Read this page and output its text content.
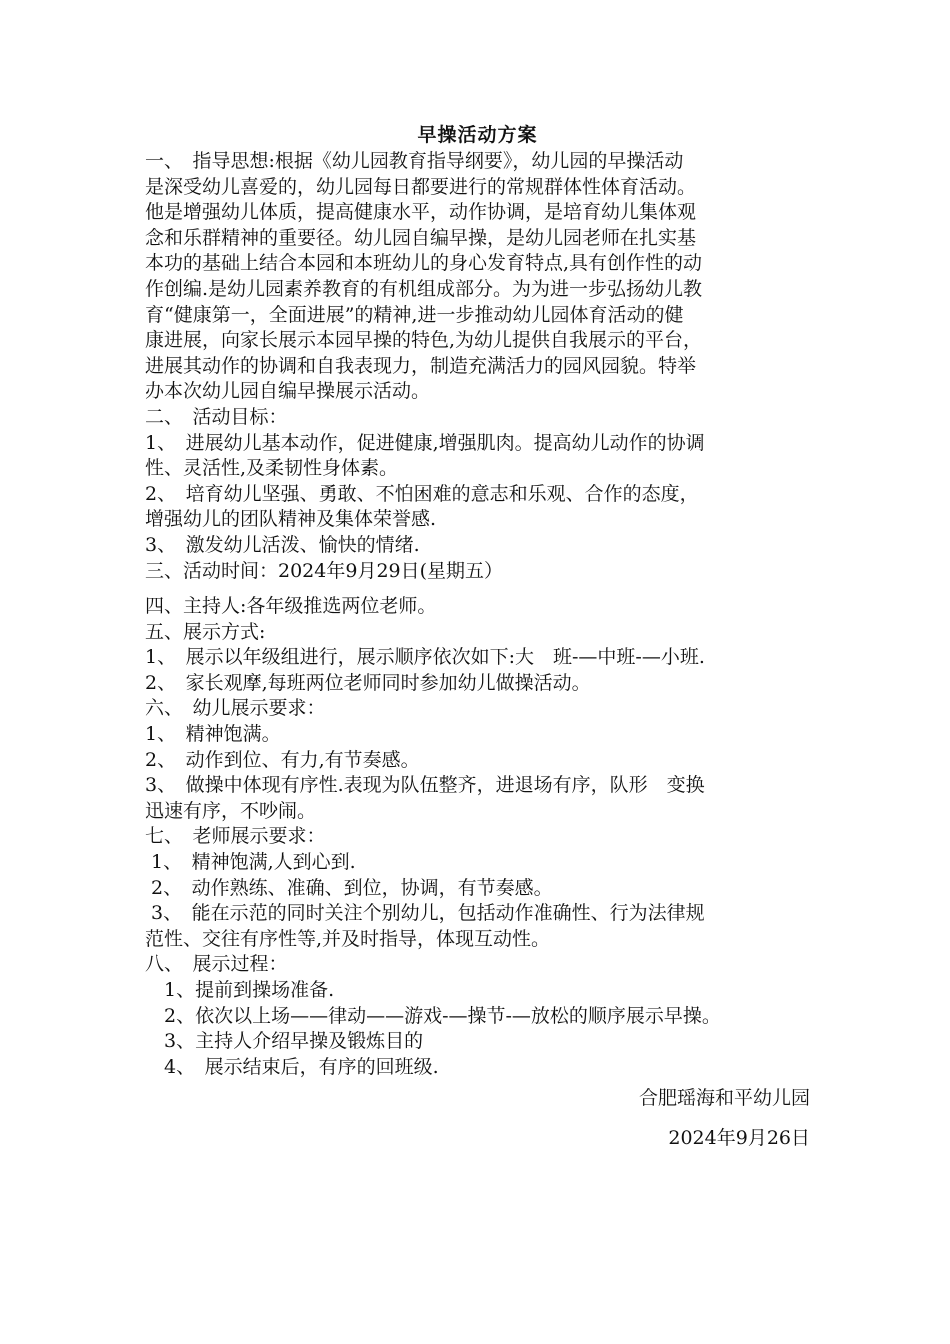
早操活动方案

一、　指导思想:根据《幼儿园教育指导纲要》，幼儿园的早操活动

是深受幼儿喜爱的，幼儿园每日都要进行的常规群体性体育活动。

他是增强幼儿体质，提高健康水平，动作协调，是培育幼儿集体观

念和乐群精神的重要径。幼儿园自编早操，是幼儿园老师在扎实基

本功的基础上结合本园和本班幼儿的身心发育特点,具有创作性的动

作创编.是幼儿园素养教育的有机组成部分。为为进一步弘扬幼儿教

育“健康第一，全面进展”的精神,进一步推动幼儿园体育活动的健

康进展，向家长展示本园早操的特色,为幼儿提供自我展示的平台，

进展其动作的协调和自我表现力，制造充满活力的园风园貌。特举

办本次幼儿园自编早操展示活动。

二、　活动目标：

1、　进展幼儿基本动作，促进健康,增强肌肉。提高幼儿动作的协调

性、灵活性,及柔韧性身体素。

2、　培育幼儿坚强、勇敢、不怕困难的意志和乐观、合作的态度，

增强幼儿的团队精神及集体荣誉感.

3、　激发幼儿活泼、愉快的情绪.

三、活动时间：2024年9月29日(星期五）

四、主持人:各年级推选两位老师。

五、展示方式:

1、　展示以年级组进行，展示顺序依次如下:大　班-—中班-—小班.

2、　家长观摩,每班两位老师同时参加幼儿做操活动。

六、　幼儿展示要求：

1、　精神饱满。

2、　动作到位、有力,有节奏感。

3、　做操中体现有序性.表现为队伍整齐，进退场有序，队形　变换

迅速有序，不吵闹。

七、　老师展示要求：

1、　精神饱满,人到心到.

2、　动作熟练、准确、到位，协调，有节奏感。

3、　能在示范的同时关注个别幼儿，包括动作准确性、行为法律规

范性、交往有序性等,并及时指导，体现互动性。

八、　展示过程：

　1、提前到操场准备.

　2、依次以上场——律动——游戏-—操节-—放松的顺序展示早操。

　3、主持人介绍早操及锻炼目的

　4、　展示结束后，有序的回班级.

合肥瑶海和平幼儿园

2024年9月26日
